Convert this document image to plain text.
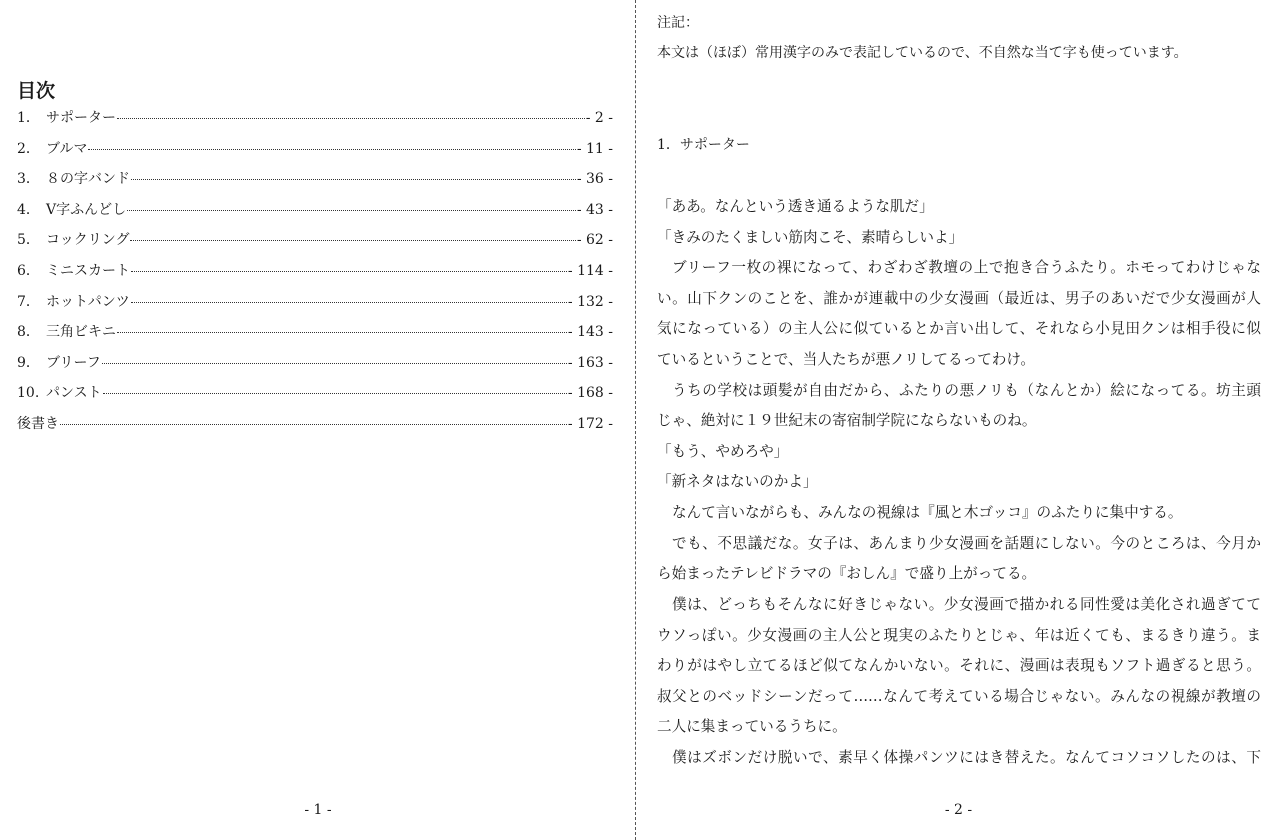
目次
1． サポーター	- 2 -
2． ブルマ	- 11 -
3． ８の字バンド	- 36 -
4． V字ふんどし	- 43 -
5． コックリング	- 62 -
6． ミニスカート	- 114 -
7． ホットパンツ	- 132 -
8． 三角ビキニ	- 143 -
9． ブリーフ	- 163 -
10. パンスト	- 168 -
後書き	- 172 -
- 1 -
注記：
本文は（ほぼ）常用漢字のみで表記しているので、不自然な当て字も使っています。
1．サポーター
「ああ。なんという透き通るような肌だ」
「きみのたくましい筋肉こそ、素晴らしいよ」
ブリーフ一枚の裸になって、わざわざ教壇の上で抱き合うふたり。ホモってわけじゃな
い。山下クンのことを、誰かが連載中の少女漫画（最近は、男子のあいだで少女漫画が人
気になっている）の主人公に似ているとか言い出して、それなら小見田クンは相手役に似
ているということで、当人たちが悪ノリしてるってわけ。
うちの学校は頭髪が自由だから、ふたりの悪ノリも（なんとか）絵になってる。坊主頭
じゃ、絶対に１９世紀末の寄宿制学院にならないものね。
「もう、やめろや」
「新ネタはないのかよ」
なんて言いながらも、みんなの視線は『風と木ゴッコ』のふたりに集中する。
でも、不思議だな。女子は、あんまり少女漫画を話題にしない。今のところは、今月か
ら始まったテレビドラマの『おしん』で盛り上がってる。
僕は、どっちもそんなに好きじゃない。少女漫画で描かれる同性愛は美化され過ぎてて
ウソっぽい。少女漫画の主人公と現実のふたりとじゃ、年は近くても、まるきり違う。ま
わりがはやし立てるほど似てなんかいない。それに、漫画は表現もソフト過ぎると思う。
叔父とのベッドシーンだって……なんて考えている場合じゃない。みんなの視線が教壇の
二人に集まっているうちに。
僕はズボンだけ脱いで、素早く体操パンツにはき替えた。なんてコソコソしたのは、下
- 2 -
